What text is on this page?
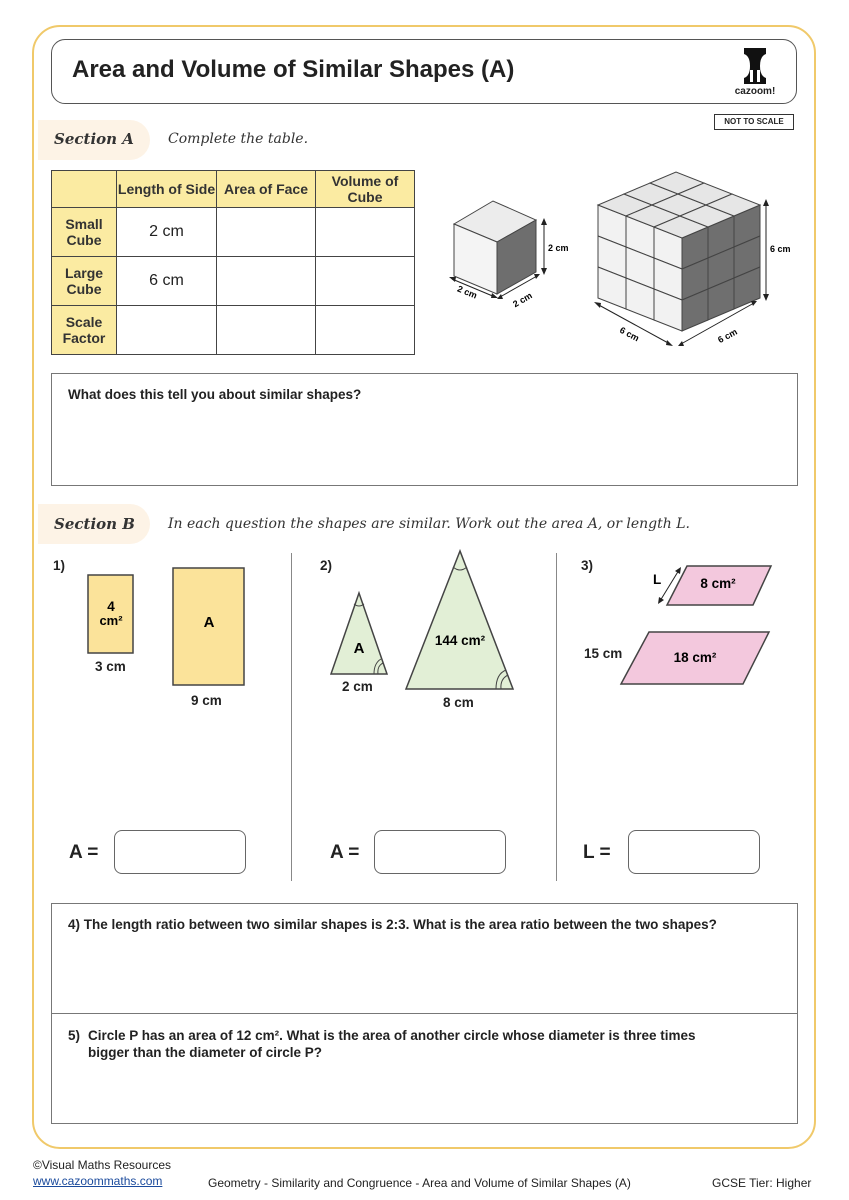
Area and Volume of Similar Shapes (A)
cazoom!
NOT TO SCALE
Section A Complete the table.
	Length of Side	Area of Face	Volume of Cube
Small Cube	2 cm		
Large Cube	6 cm		
Scale Factor			
2 cm
2 cm	2 cm
6 cm
6 cm	6 cm
What does this tell you about similar shapes?
Section B In each question the shapes are similar. Work out the area A, or length L.
1)
4
cm²	A
3 cm
9 cm
A =
2)
A	144 cm²
2 cm
8 cm
A =
3)
L	8 cm²
18 cm²
15 cm
L =
4) The length ratio between two similar shapes is 2:3. What is the area ratio between the two shapes?
5) Circle P has an area of 12 cm². What is the area of another circle whose diameter is three times
bigger than the diameter of circle P?
©Visual Maths Resources
www.cazoommaths.com	Geometry - Similarity and Congruence - Area and Volume of Similar Shapes (A)	GCSE Tier: Higher
